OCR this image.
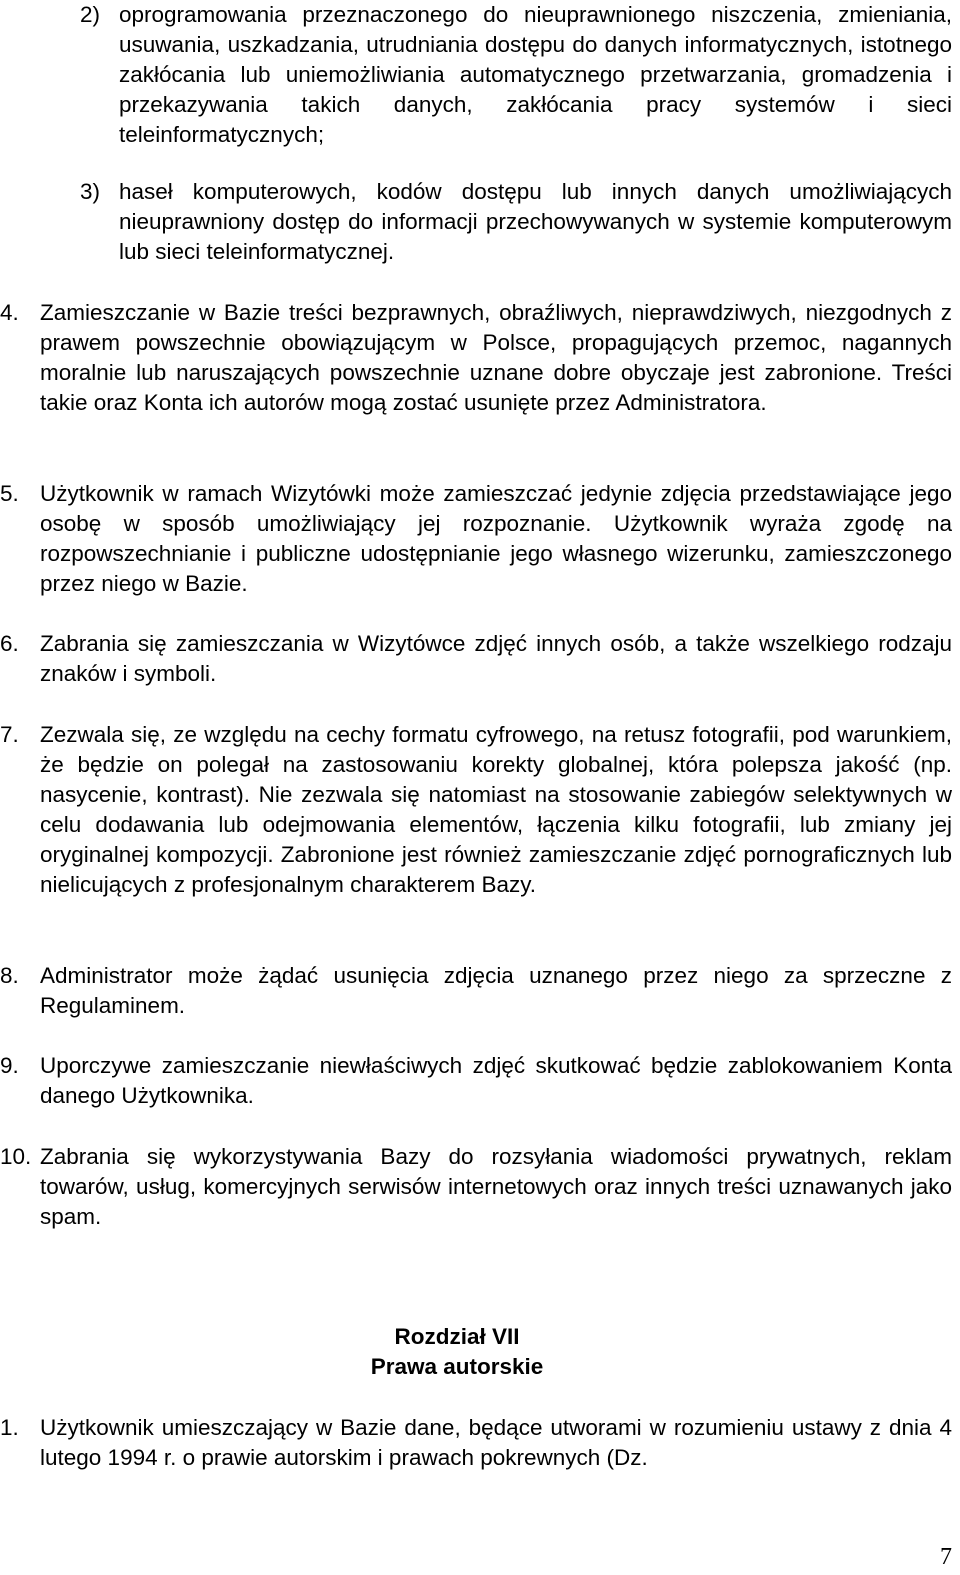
2) oprogramowania przeznaczonego do nieuprawnionego niszczenia, zmieniania, usuwania, uszkadzania, utrudniania dostępu do danych informatycznych, istotnego zakłócania lub uniemożliwiania automatycznego przetwarzania, gromadzenia i przekazywania takich danych, zakłócania pracy systemów i sieci teleinformatycznych;
3) haseł komputerowych, kodów dostępu lub innych danych umożliwiających nieuprawniony dostęp do informacji przechowywanych w systemie komputerowym lub sieci teleinformatycznej.
4. Zamieszczanie w Bazie treści bezprawnych, obraźliwych, nieprawdziwych, niezgodnych z prawem powszechnie obowiązującym w Polsce, propagujących przemoc, nagannych moralnie lub naruszających powszechnie uznane dobre obyczaje jest zabronione. Treści takie oraz Konta ich autorów mogą zostać usunięte przez Administratora.
5. Użytkownik w ramach Wizytówki może zamieszczać jedynie zdjęcia przedstawiające jego osobę w sposób umożliwiający jej rozpoznanie. Użytkownik wyraża zgodę na rozpowszechnianie i publiczne udostępnianie jego własnego wizerunku, zamieszczonego przez niego w Bazie.
6. Zabrania się zamieszczania w Wizytówce zdjęć innych osób, a także wszelkiego rodzaju znaków i symboli.
7. Zezwala się, ze względu na cechy formatu cyfrowego, na retusz fotografii, pod warunkiem, że będzie on polegał na zastosowaniu korekty globalnej, która polepsza jakość (np. nasycenie, kontrast). Nie zezwala się natomiast na stosowanie zabiegów selektywnych w celu dodawania lub odejmowania elementów, łączenia kilku fotografii, lub zmiany jej oryginalnej kompozycji. Zabronione jest również zamieszczanie zdjęć pornograficznych lub nielicujących z profesjonalnym charakterem Bazy.
8. Administrator może żądać usunięcia zdjęcia uznanego przez niego za sprzeczne z Regulaminem.
9. Uporczywe zamieszczanie niewłaściwych zdjęć skutkować będzie zablokowaniem Konta danego Użytkownika.
10. Zabrania się wykorzystywania Bazy do rozsyłania wiadomości prywatnych, reklam towarów, usług, komercyjnych serwisów internetowych oraz innych treści uznawanych jako spam.
Rozdział VII
Prawa autorskie
1. Użytkownik umieszczający w Bazie dane, będące utworami w rozumieniu ustawy z dnia 4 lutego 1994 r. o prawie autorskim i prawach pokrewnych (Dz.
7
